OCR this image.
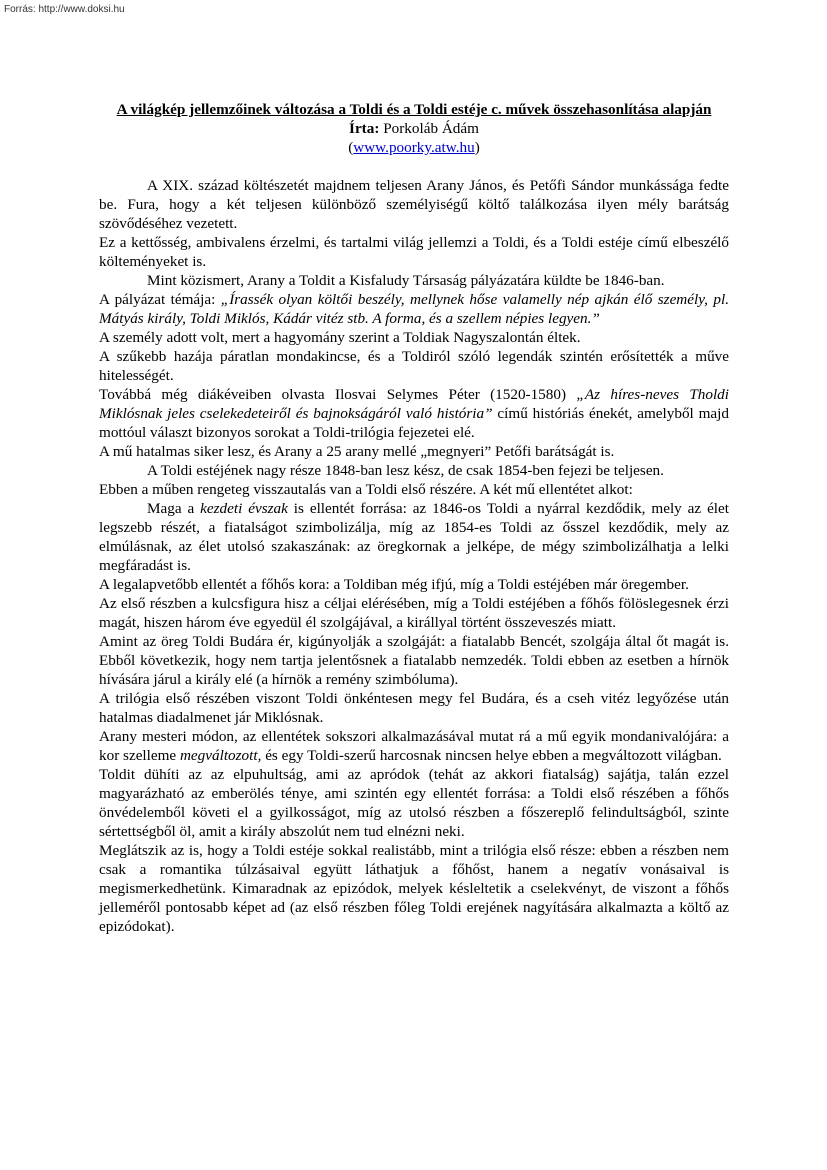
Forrás: http://www.doksi.hu
A világkép jellemzőinek változása a Toldi és a Toldi estéje c. művek összehasonlítása alapján
Írta: Porkoláb Ádám
(www.poorky.atw.hu)

A XIX. század költészetét majdnem teljesen Arany János, és Petőfi Sándor munkássága fedte be. Fura, hogy a két teljesen különböző személyiségű költő találkozása ilyen mély barátság szövődéséhez vezetett.

Ez a kettősség, ambivalens érzelmi, és tartalmi világ jellemzi a Toldi, és a Toldi estéje című elbeszélő költeményeket is.

Mint közismert, Arany a Toldit a Kisfaludy Társaság pályázatára küldte be 1846-ban.

A pályázat témája: „Írassék olyan költői beszély, mellynek hőse valamelly nép ajkán élő személy, pl. Mátyás király, Toldi Miklós, Kádár vitéz stb. A forma, és a szellem népies legyen.”

A személy adott volt, mert a hagyomány szerint a Toldiak Nagyszalontán éltek.

A szűkebb hazája páratlan mondakincse, és a Toldiról szóló legendák szintén erősítették a műve hitelességét.

Továbbá még diákéveiben olvasta Ilosvai Selymes Péter (1520-1580) „Az híres-neves Tholdi Miklósnak jeles cselekedeteiről és bajnokságáról való história” című históriás énekét, amelyből majd mottóul választ bizonyos sorokat a Toldi-trilógia fejezetei elé.

A mű hatalmas siker lesz, és Arany a 25 arany mellé „megnyeri” Petőfi barátságát is.

A Toldi estéjének nagy része 1848-ban lesz kész, de csak 1854-ben fejezi be teljesen.

Ebben a műben rengeteg visszautalás van a Toldi első részére. A két mű ellentétet alkot:

Maga a kezdeti évszak is ellentét forrása: az 1846-os Toldi a nyárral kezdődik, mely az élet legszebb részét, a fiatalságot szimbolizálja, míg az 1854-es Toldi az ősszel kezdődik, mely az elmúlásnak, az élet utolsó szakaszának: az öregkornak a jelképe, de mégy szimbolizálhatja a lelki megfáradást is.

A legalapvetőbb ellentét a főhős kora: a Toldiban még ifjú, míg a Toldi estéjében már öregember.

Az első részben a kulcsfigura hisz a céljai elérésében, míg a Toldi estéjében a főhős fölöslegesnek érzi magát, hiszen három éve egyedül él szolgájával, a királlyal történt összeveszés miatt.

Amint az öreg Toldi Budára ér, kigúnyolják a szolgáját: a fiatalabb Bencét, szolgája által őt magát is. Ebből következik, hogy nem tartja jelentősnek a fiatalabb nemzedék. Toldi ebben az esetben a hírnök hívására járul a király elé (a hírnök a remény szimbóluma).

A trilógia első részében viszont Toldi önkéntesen megy fel Budára, és a cseh vitéz legyőzése után hatalmas diadalmenet jár Miklósnak.

Arany mesteri módon, az ellentétek sokszori alkalmazásával mutat rá a mű egyik mondanivalójára: a kor szelleme megváltozott, és egy Toldi-szerű harcosnak nincsen helye ebben a megváltozott világban.

Toldit dühíti az az elpuhultság, ami az apródok (tehát az akkori fiatalság) sajátja, talán ezzel magyarázható az emberölés ténye, ami szintén egy ellentét forrása: a Toldi első részében a főhős önvédelemből követi el a gyilkosságot, míg az utolsó részben a főszereplő felindultságból, szinte sértettségből öl, amit a király abszolút nem tud elnézni neki.

Meglátszik az is, hogy a Toldi estéje sokkal realistább, mint a trilógia első része: ebben a részben nem csak a romantika túlzásaival együtt láthatjuk a főhőst, hanem a negatív vonásaival is megismerkedhetünk. Kimaradnak az epizódok, melyek késleltetik a cselekvényt, de viszont a főhős jelleméről pontosabb képet ad (az első részben főleg Toldi erejének nagyítására alkalmazta a költő az epizódokat).
